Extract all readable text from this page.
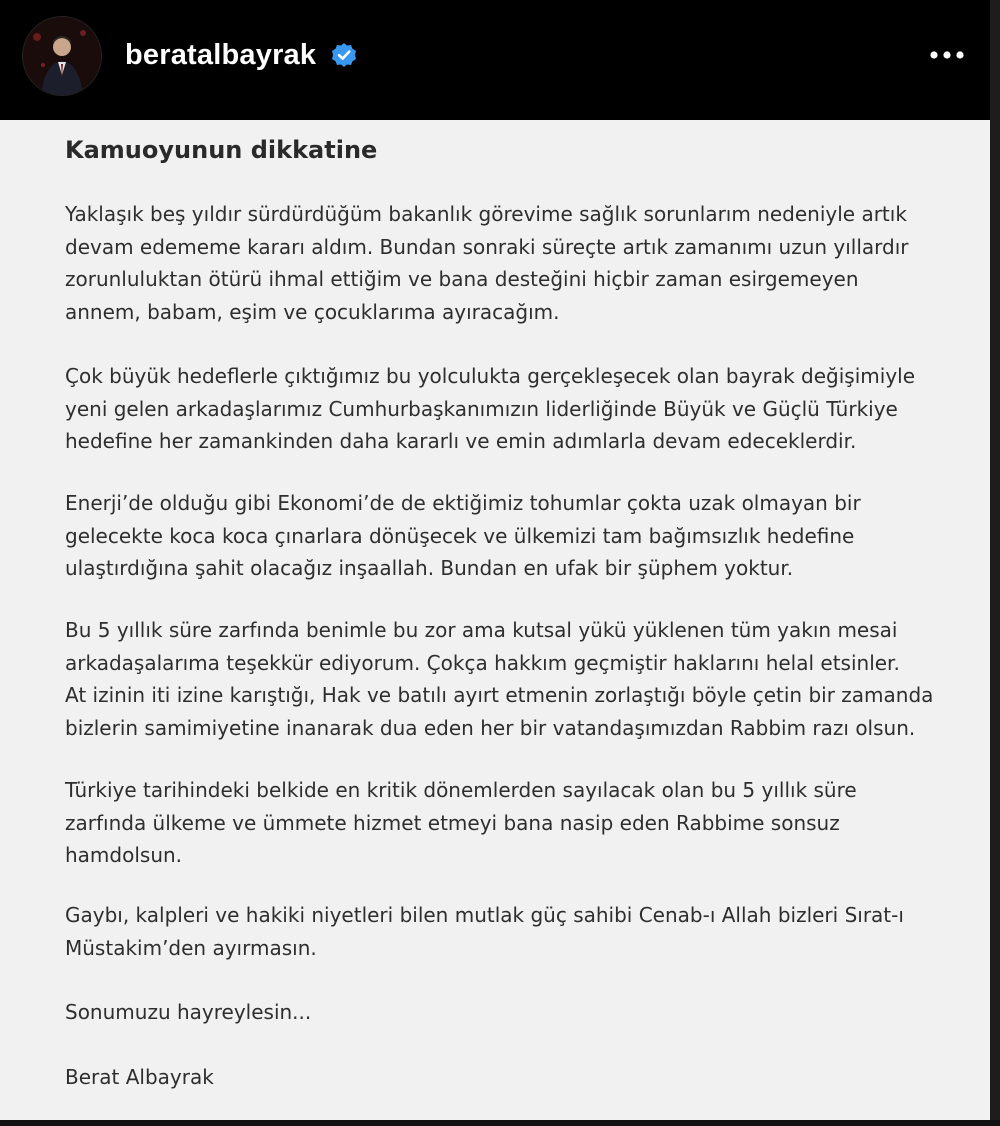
beratalbayrak
Kamuoyunun dikkatine
Yaklaşık beş yıldır sürdürdüğüm bakanlık görevime sağlık sorunlarım nedeniyle artık
devam edememe kararı aldım. Bundan sonraki süreçte artık zamanımı uzun yıllardır
zorunluluktan ötürü ihmal ettiğim ve bana desteğini hiçbir zaman esirgemeyen
annem, babam, eşim ve çocuklarıma ayıracağım.
Çok büyük hedeflerle çıktığımız bu yolculukta gerçekleşecek olan bayrak değişimiyle
yeni gelen arkadaşlarımız Cumhurbaşkanımızın liderliğinde Büyük ve Güçlü Türkiye
hedefine her zamankinden daha kararlı ve emin adımlarla devam edeceklerdir.
Enerji’de olduğu gibi Ekonomi’de de ektiğimiz tohumlar çokta uzak olmayan bir
gelecekte koca koca çınarlara dönüşecek ve ülkemizi tam bağımsızlık hedefine
ulaştırdığına şahit olacağız inşaallah. Bundan en ufak bir şüphem yoktur.
Bu 5 yıllık süre zarfında benimle bu zor ama kutsal yükü yüklenen tüm yakın mesai
arkadaşalarıma teşekkür ediyorum. Çokça hakkım geçmiştir haklarını helal etsinler.
At izinin iti izine karıştığı, Hak ve batılı ayırt etmenin zorlaştığı böyle çetin bir zamanda
bizlerin samimiyetine inanarak dua eden her bir vatandaşımızdan Rabbim razı olsun.
Türkiye tarihindeki belkide en kritik dönemlerden sayılacak olan bu 5 yıllık süre
zarfında ülkeme ve ümmete hizmet etmeyi bana nasip eden Rabbime sonsuz
hamdolsun.
Gaybı, kalpleri ve hakiki niyetleri bilen mutlak güç sahibi Cenab-ı Allah bizleri Sırat-ı
Müstakim’den ayırmasın.
Sonumuzu hayreylesin...
Berat Albayrak
